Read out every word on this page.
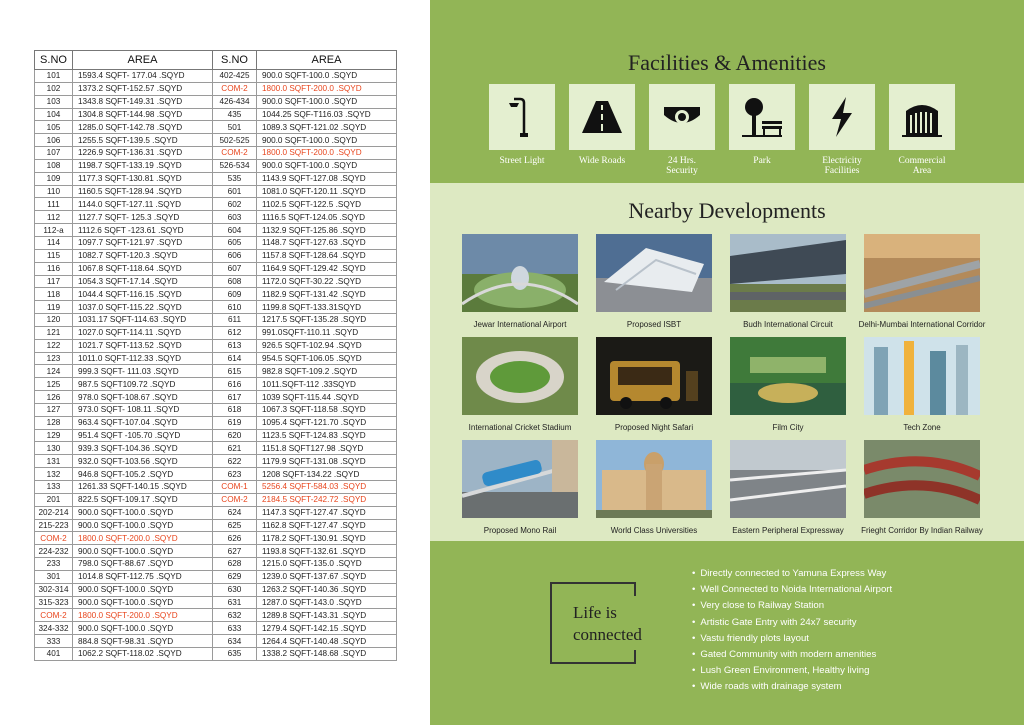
S.NO	AREA	S.NO	AREA
101	1593.4 SQFT- 177.04 .SQYD	402-425	900.0 SQFT-100.0 .SQYD
102	1373.2 SQFT-152.57 .SQYD	COM-2	1800.0 SQFT-200.0 .SQYD
103	1343.8 SQFT-149.31 .SQYD	426-434	900.0 SQFT-100.0 .SQYD
104	1304.8 SQFT-144.98 .SQYD	435	1044.25 SQF-T116.03 .SQYD
105	1285.0 SQFT-142.78 .SQYD	501	1089.3 SQFT-121.02 .SQYD
106	1255.5 SQFT-139.5 .SQYD	502-525	900.0 SQFT-100.0 .SQYD
107	1226.9 SQFT-136.31 .SQYD	COM-2	1800.0 SQFT-200.0 .SQYD
108	1198.7 SQFT-133.19 .SQYD	526-534	900.0 SQFT-100.0 .SQYD
109	1177.3 SQFT-130.81 .SQYD	535	1143.9 SQFT-127.08 .SQYD
110	1160.5 SQFT-128.94 .SQYD	601	1081.0 SQFT-120.11 .SQYD
111	1144.0 SQFT-127.11 .SQYD	602	1102.5 SQFT-122.5 .SQYD
112	1127.7 SQFT- 125.3 .SQYD	603	1116.5 SQFT-124.05 .SQYD
112-a	1112.6 SQFT -123.61 .SQYD	604	1132.9 SQFT-125.86 .SQYD
114	1097.7 SQFT-121.97 .SQYD	605	1148.7 SQFT-127.63 .SQYD
115	1082.7 SQFT-120.3 .SQYD	606	1157.8 SQFT-128.64 .SQYD
116	1067.8 SQFT-118.64 .SQYD	607	1164.9 SQFT-129.42 .SQYD
117	1054.3 SQFT-17.14 .SQYD	608	1172.0 SQFT-30.22 .SQYD
118	1044.4 SQFT-116.15 .SQYD	609	1182.9 SQFT-131.42 .SQYD
119	1037.0 SQFT-115.22 .SQYD	610	1199.8 SQFT-133.31SQYD
120	1031.17 SQFT-114.63 .SQYD	611	1217.5 SQFT-135.28 .SQYD
121	1027.0 SQFT-114.11 .SQYD	612	991.0SQFT-110.11 .SQYD
122	1021.7 SQFT-113.52 .SQYD	613	926.5 SQFT-102.94 .SQYD
123	1011.0 SQFT-112.33 .SQYD	614	954.5 SQFT-106.05 .SQYD
124	999.3 SQFT- 111.03 .SQYD	615	982.8 SQFT-109.2 .SQYD
125	987.5 SQFT109.72 .SQYD	616	1011.SQFT-112 .33SQYD
126	978.0 SQFT-108.67 .SQYD	617	1039 SQFT-115.44 .SQYD
127	973.0 SQFT- 108.11 .SQYD	618	1067.3 SQFT-118.58 .SQYD
128	963.4 SQFT-107.04 .SQYD	619	1095.4 SQFT-121.70 .SQYD
129	951.4 SQFT -105.70 .SQYD	620	1123.5 SQFT-124.83 .SQYD
130	939.3 SQFT-104.36 .SQYD	621	1151.8 SQFT127.98 .SQYD
131	932.0 SQFT-103.56 .SQYD	622	1179.9 SQFT-131.08 .SQYD
132	946.8 SQFT-105.2 .SQYD	623	1208 SQFT-134.22 .SQYD
133	1261.33 SQFT-140.15 .SQYD	COM-1	5256.4 SQFT-584.03 .SQYD
201	822.5 SQFT-109.17 .SQYD	COM-2	2184.5 SQFT-242.72 .SQYD
202-214	900.0 SQFT-100.0 .SQYD	624	1147.3 SQFT-127.47 .SQYD
215-223	900.0 SQFT-100.0 .SQYD	625	1162.8 SQFT-127.47 .SQYD
COM-2	1800.0 SQFT-200.0 .SQYD	626	1178.2 SQFT-130.91 .SQYD
224-232	900.0 SQFT-100.0 .SQYD	627	1193.8 SQFT-132.61 .SQYD
233	798.0 SQFT-88.67 .SQYD	628	1215.0 SQFT-135.0 .SQYD
301	1014.8 SQFT-112.75 .SQYD	629	1239.0 SQFT-137.67 .SQYD
302-314	900.0 SQFT-100.0 .SQYD	630	1263.2 SQFT-140.36 .SQYD
315-323	900.0 SQFT-100.0 .SQYD	631	1287.0 SQFT-143.0 .SQYD
COM-2	1800.0 SQFT-200.0 .SQYD	632	1289.8 SQFT-143.31 .SQYD
324-332	900.0 SQFT-100.0 .SQYD	633	1279.4 SQFT-142.15 .SQYD
333	884.8 SQFT-98.31 .SQYD	634	1264.4 SQFT-140.48 .SQYD
401	1062.2 SQFT-118.02 .SQYD	635	1338.2 SQFT-148.68 .SQYD
Facilities & Amenities
Street Light	Wide Roads	24 Hrs.
Security
Park	Electricity
Facilities
Commercial
Area
Nearby Developments
Jewar International Airport	Proposed ISBT	Budh International Circuit	Delhi-Mumbai International Corridor
International Cricket Stadium	Proposed Night Safari	Film City	Tech Zone
Proposed Mono Rail	World Class Universities	Eastern Peripheral Expressway	Frieght Corridor By Indian Railway
Life is
connected
• Directly connected to Yamuna Express Way
• Well Connected to Noida International Airport
• Very close to Railway Station
• Artistic Gate Entry with 24x7 security
• Vastu friendly plots layout
• Gated Community with modern amenities
• Lush Green Environment, Healthy living
• Wide roads with drainage system
